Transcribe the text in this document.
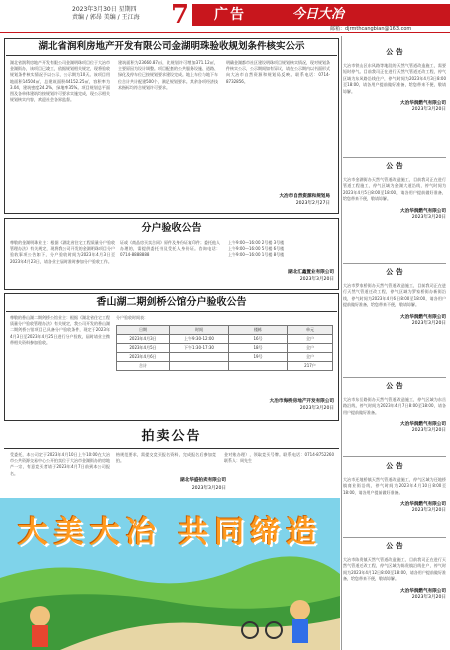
2023年3月30日 星期四
责编 / 郭昂 美编 / 王江海 7 广告	今日大冶
邮箱：djrmthcangbian@163.com
湖北省润利房地产开发有限公司金湖明珠验收规划条件核实公示
湖北省润利房地产开发有限公司金湖明珠项目位于大冶市金湖街办，该项目已竣工，依据规划相关规定，现将验收规划条件核实情况予以公示，公示期为10天。该项目用地面积14504㎡，总建筑面积44152.25㎡，容积率为3.04，建筑密度24.2%，绿地率35%。项目规划总平面图及各单体建筑均按规划许可要求实施完成，现公示相关规划核实内容，欢迎社会各界监督。
建筑面积为23660.87㎡，比规划许可增加371.12㎡，主要原因为设计调整。项目配套的公共服务设施、道路、绿化及停车位已按规划要求建设完成。地上车位与地下车位合计共计配建500个，满足规划要求。其余各项经济技术指标均符合规划许可要求。
明确金湖都市社区建设明珠项目规划核实情况，现对规划条件核实公示，公示期间如有异议，请在公示期内以书面形式向大冶市自然资源和规划局反映。联系电话：0714-8732856。
大冶市自然资源和规划局
2023年2月27日
分户验收公告
尊敬的金湖明珠业主：根据《湖北省住宅工程质量分户验收管理办法》有关规定，现将我公司开发的金湖明珠项目分户验收事项公告如下，分户验收时间为2023年4月3日至2023年4月23日，请各业主届时准时参加分户验收工作。
证或《商品房买卖合同》原件及身份证复印件；委托他人办理的，需提供委托书及受托人身份证。咨询电话：0714-8888888
上午9:00—16:00 2号楼 3号楼
上午9:00—16:00 5号楼 6号楼
上午9:00—16:00 1号楼 8号楼
湖北汇鑫置业有限公司
2023年3月20日
香山湖二期剑桥公馆分户验收公告
尊敬的香山湖二期剑桥公馆业主：根据《湖北省住宅工程质量分户验收管理办法》有关规定，我公司开发的香山湖二期剑桥公馆项目已具备分户验收条件，现定于2023年4月3日至2023年4月25日进行分户验收，届时请业主携带相关资料参加验收。
分户验收时间表：
日期	时间	楼栋	单元
2023年4月3日	上午9:30-12:00	16号	全户
2023年4月5日	下午1:30-17:30	18号	全户
2023年4月6日		19号	全户
合计			217户
大冶市海桥房地产开发有限公司
2023年3月20日
拍卖公告
受委托，本公司定于2023年4月10日上午10:00在大冶市公共资源交易中心公开拍卖位于大冶市金湖街办的房地产一宗，有意竞买者请于2023年4月7日前到本公司报名。
格规范要求，需提交竞买报名资料，完成报名后参加竞拍。
金对账办理），领取竞买号牌。联系电话：0714-8752260 联系人：周先生
湖北华盛拍卖有限公司
2023年3月20日
大美大冶 共同缔造
公 告
大冶市铁山区东风路等地段的天然气管道改造施工，需要短时停气。目前我司正在进行天然气管道迁改工程，停气区域为东风路沿线住户，停气时间为2023年4月3日8:00至18:00，请各用户提前做好准备，给您带来不便，敬请谅解。
大冶华润燃气有限公司
2023年3月20日
公 告
大冶市金湖街办天然气管道改造施工，目前我司正在进行管道工程施工，停气区域为金湖大道沿线，停气时间为2023年4月5日8:00至18:00，请各用户提前做好准备，给您带来不便，敬请谅解。
大冶华润燃气有限公司
2023年3月20日
公 告
大冶市罗家桥街办天然气管道改造施工，目前我司正在进行天然气管道迁改工程，停气区域为罗家桥街办新街沿线，停气时间为2023年4月6日8:00至18:00，请各用户提前做好准备，给您带来不便，敬请谅解。
大冶华润燃气有限公司
2023年3月20日
公 告
大冶市东岳路街办天然气管道改造施工，停气区域为东岳路沿线，停气时间为2023年4月7日8:00至18:00，请各用户提前做好准备。
大冶华润燃气有限公司
2023年3月20日
公 告
大冶市还地桥镇天然气管道改造施工，停气区域为还地桥镇商业街沿线，停气时间为2023年4月10日8:00至18:00，请各用户提前做好准备。
大冶华润燃气有限公司
2023年3月20日
公 告
大冶市陈贵镇天然气管道改造施工，目前我司正在进行天然气管道迁改工程，停气区域为陈贵镇沿线住户，停气时间为2023年4月12日8:00至18:00，请各用户提前做好准备，给您带来不便，敬请谅解。
大冶华润燃气有限公司
2023年3月20日
